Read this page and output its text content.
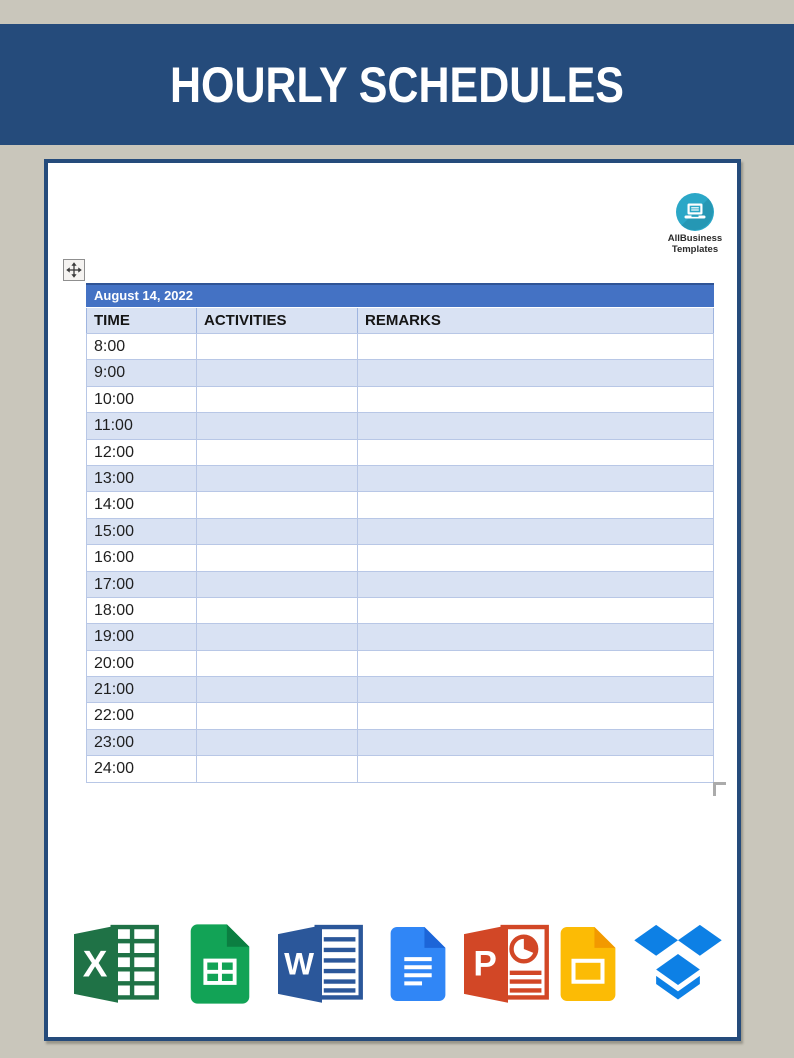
HOURLY SCHEDULES
AllBusiness
Templates
August 14, 2022
TIME	ACTIVITIES	REMARKS
8:00
9:00
10:00
11:00
12:00
13:00
14:00
15:00
16:00
17:00
18:00
19:00
20:00
21:00
22:00
23:00
24:00
X	W	P
